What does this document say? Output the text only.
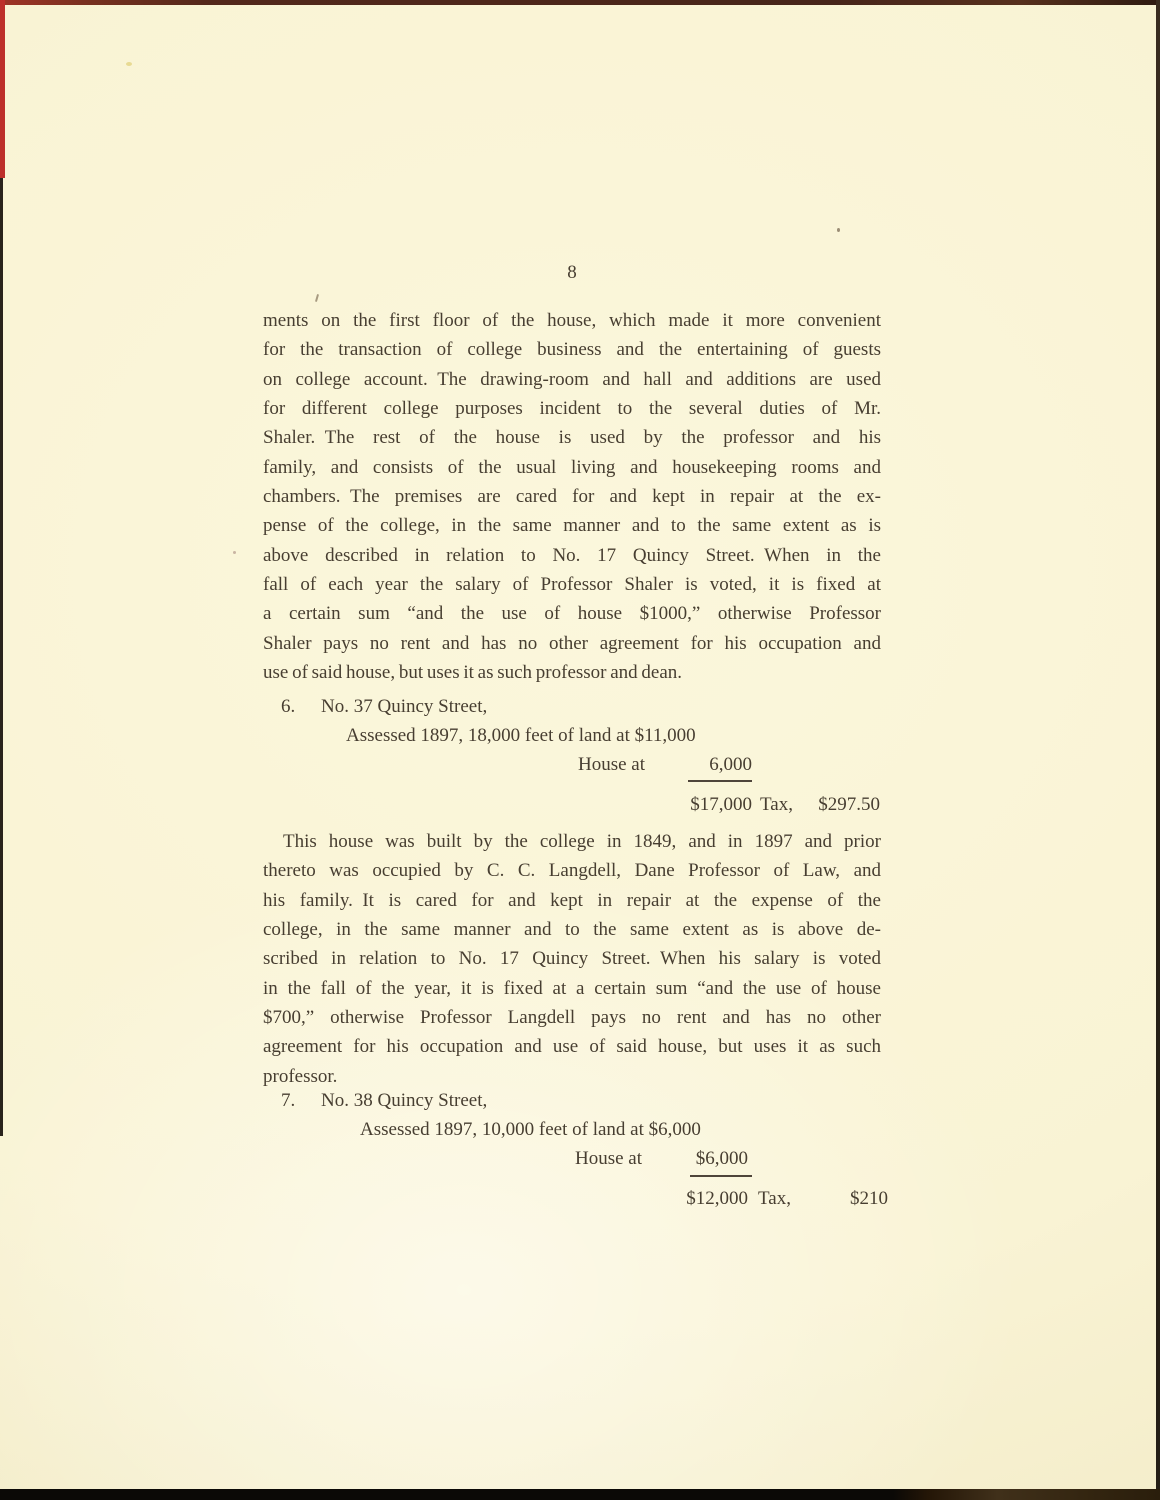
8
ments on the first floor of the house, which made it more convenient
for the transaction of college business and the entertaining of guests
on college account. The drawing-room and hall and additions are used
for different college purposes incident to the several duties of Mr.
Shaler. The rest of the house is used by the professor and his
family, and consists of the usual living and housekeeping rooms and
chambers. The premises are cared for and kept in repair at the ex-
pense of the college, in the same manner and to the same extent as is
above described in relation to No. 17 Quincy Street. When in the
fall of each year the salary of Professor Shaler is voted, it is fixed at
a certain sum “and the use of house $1000,” otherwise Professor
Shaler pays no rent and has no other agreement for his occupation and
use of said house, but uses it as such professor and dean.
6. No. 37 Quincy Street,
Assessed 1897, 18,000 feet of land at $11,000
House at	6,000
$17,000 Tax,	$297.50
This house was built by the college in 1849, and in 1897 and prior
thereto was occupied by C. C. Langdell, Dane Professor of Law, and
his family. It is cared for and kept in repair at the expense of the
college, in the same manner and to the same extent as is above de-
scribed in relation to No. 17 Quincy Street. When his salary is voted
in the fall of the year, it is fixed at a certain sum “and the use of house
$700,” otherwise Professor Langdell pays no rent and has no other
agreement for his occupation and use of said house, but uses it as such
professor.
7. No. 38 Quincy Street,
Assessed 1897, 10,000 feet of land at $6,000
House at	$6,000
$12,000 Tax,	$210
